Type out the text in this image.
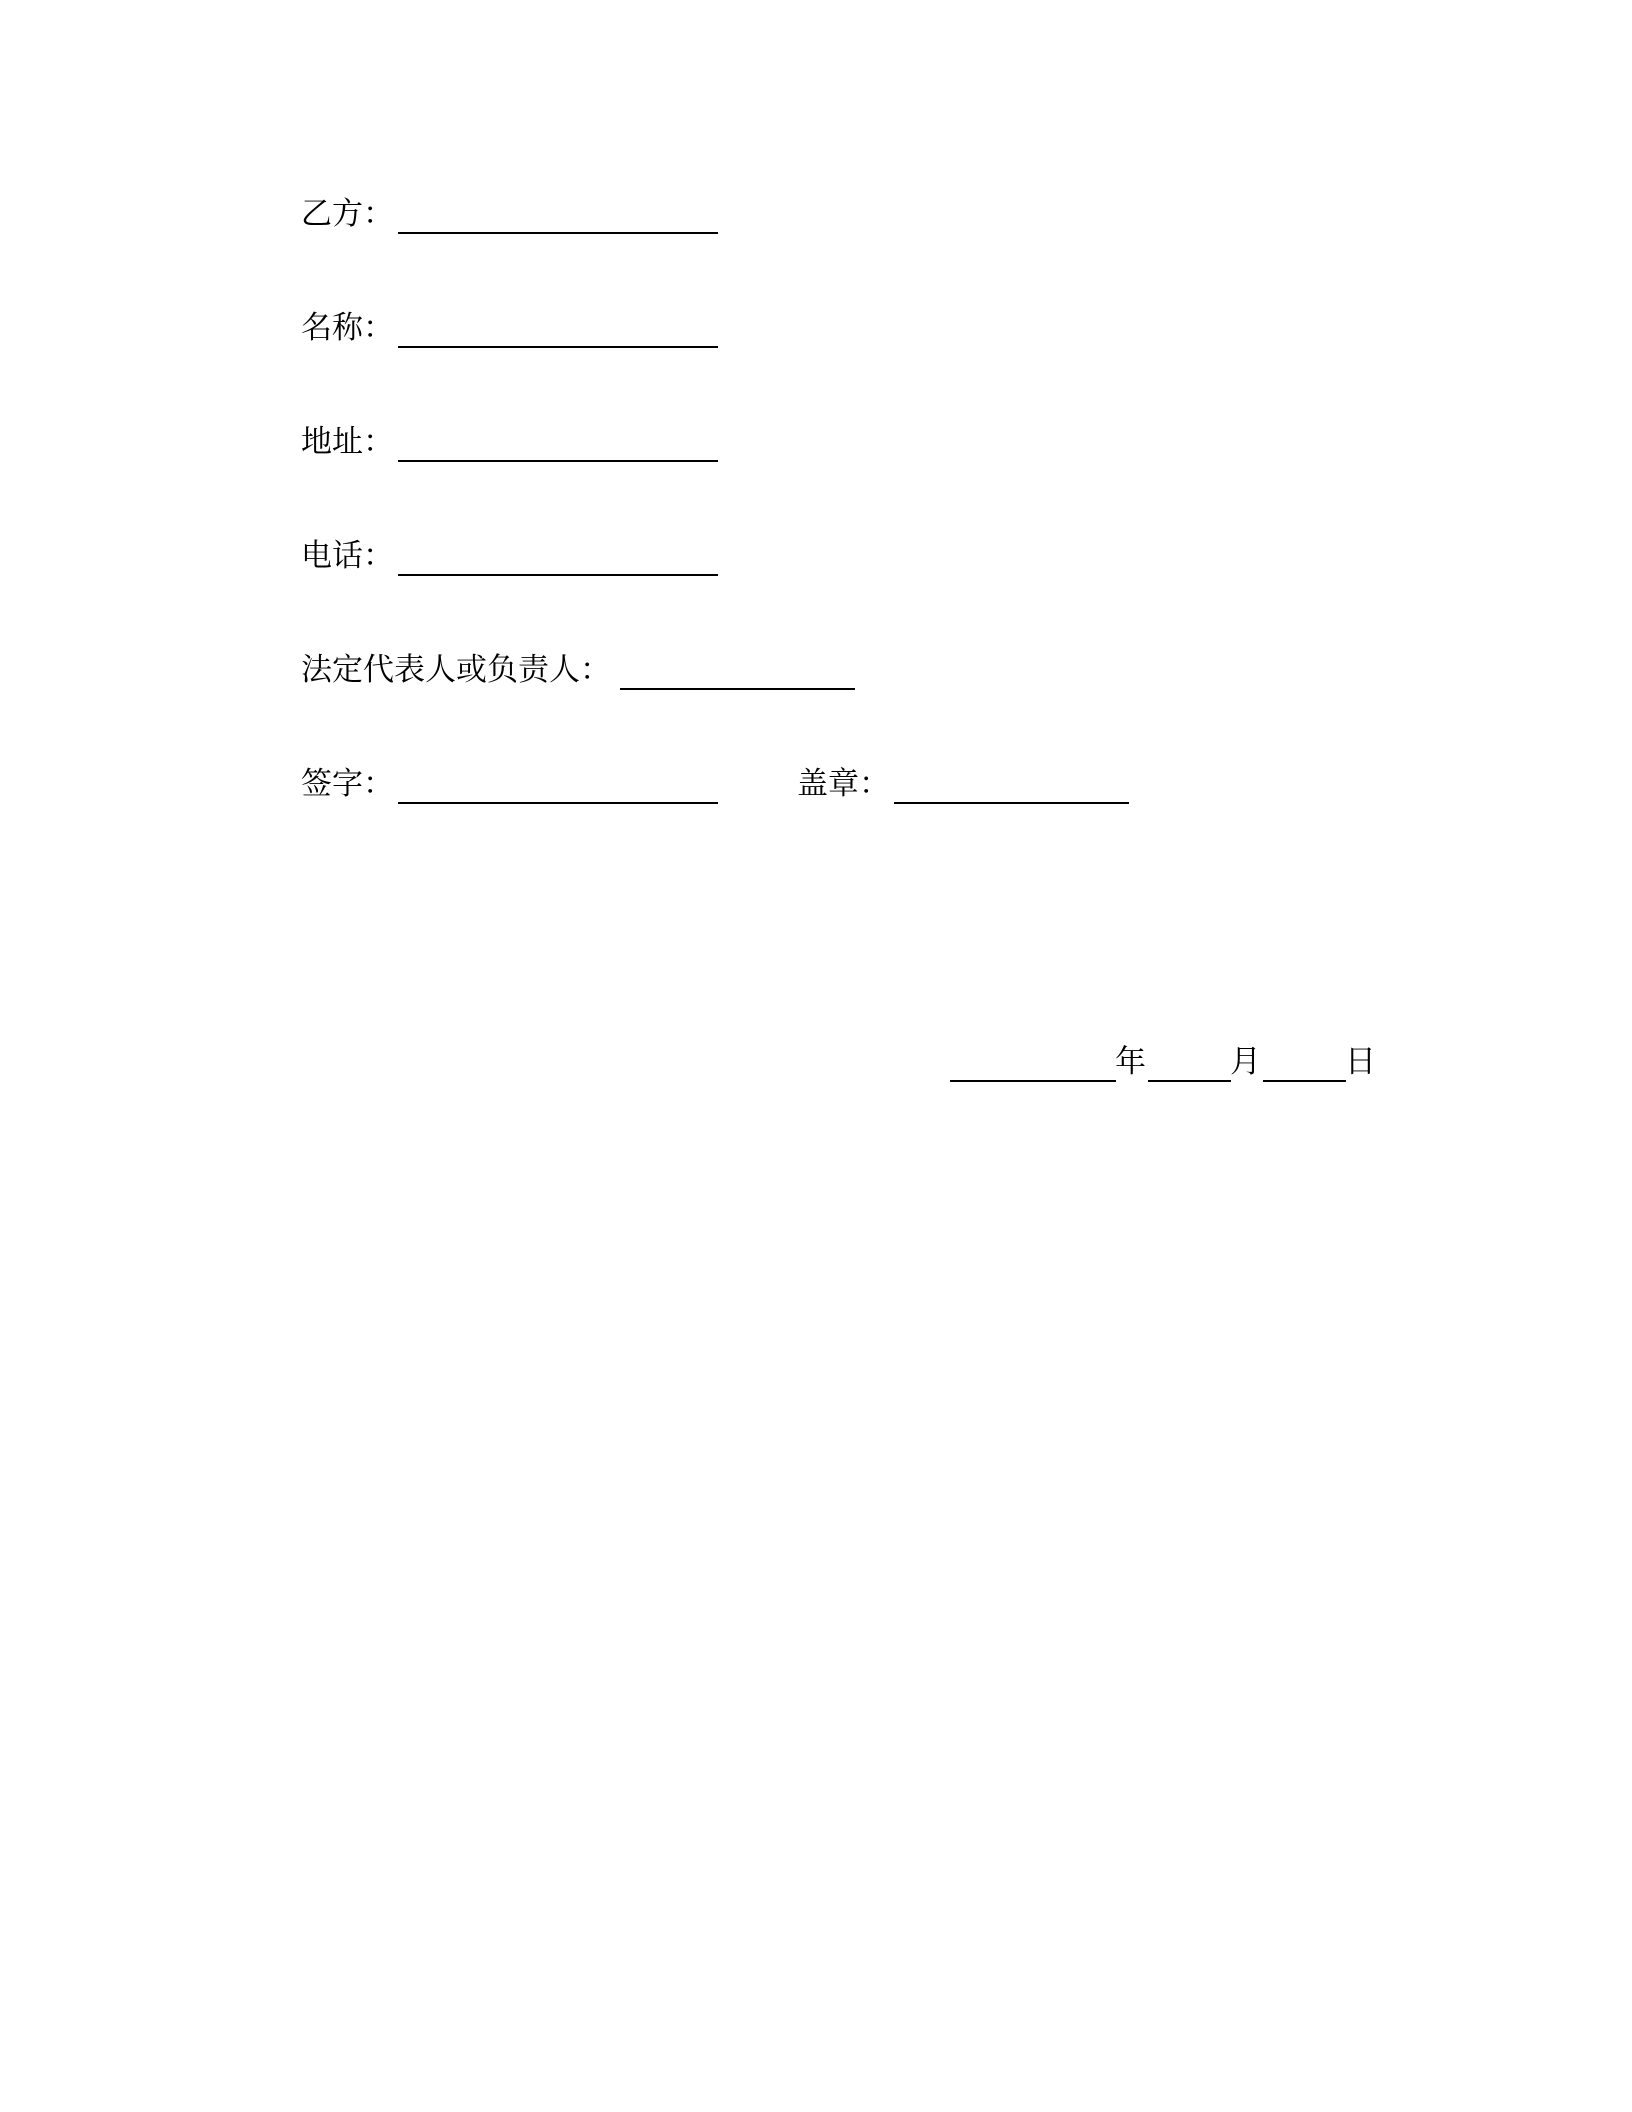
乙方：
名称：
地址：
电话：
法定代表人或负责人：
签字：	盖章：
年	月	日
